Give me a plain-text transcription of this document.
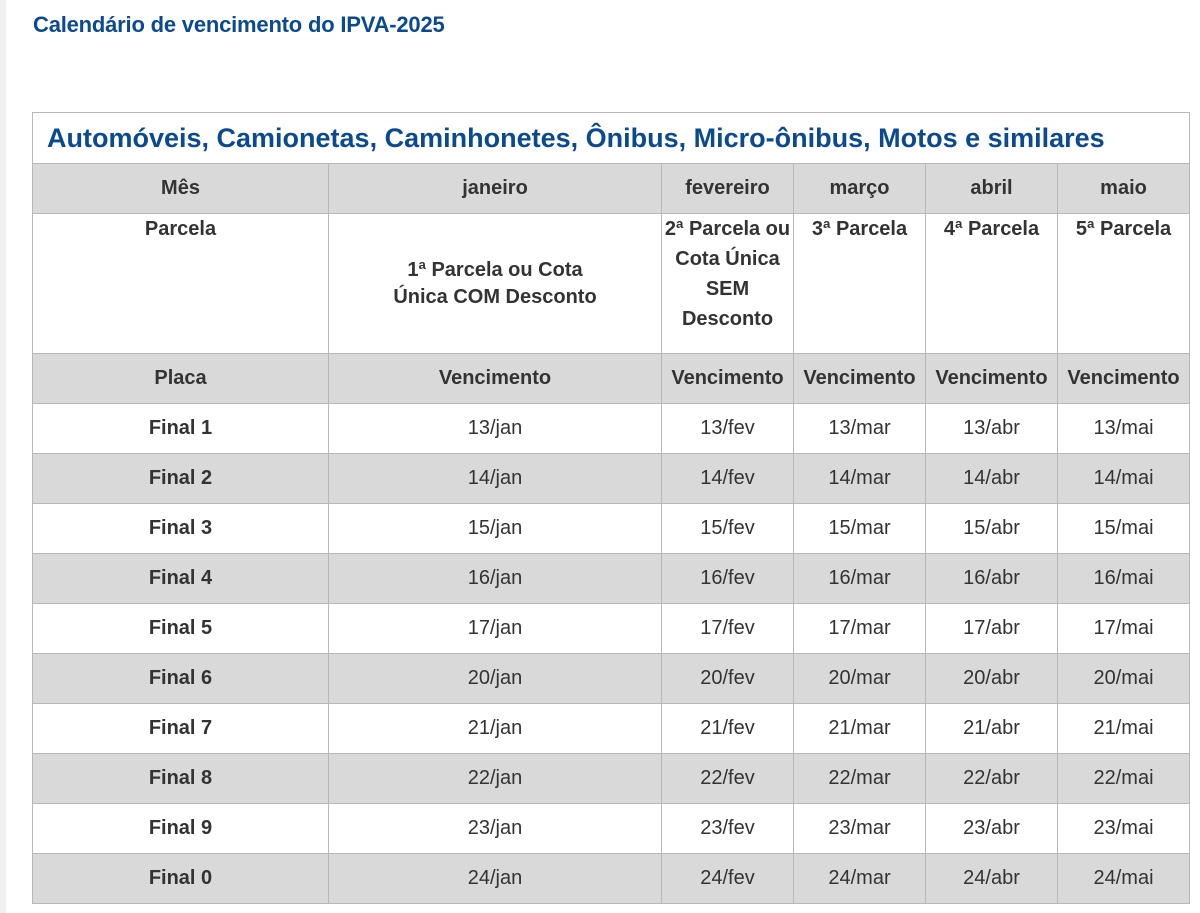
Calendário de vencimento do IPVA-2025
Automóveis, Camionetas, Caminhonetes, Ônibus, Micro-ônibus, Motos e similares					
Mês	janeiro	fevereiro	março	abril	maio
Parcela	1ª Parcela ou Cota Única COM Desconto	2ª Parcela ou Cota Única SEM Desconto	3ª Parcela	4ª Parcela	5ª Parcela
Placa	Vencimento	Vencimento	Vencimento	Vencimento	Vencimento
Final 1	13/jan	13/fev	13/mar	13/abr	13/mai
Final 2	14/jan	14/fev	14/mar	14/abr	14/mai
Final 3	15/jan	15/fev	15/mar	15/abr	15/mai
Final 4	16/jan	16/fev	16/mar	16/abr	16/mai
Final 5	17/jan	17/fev	17/mar	17/abr	17/mai
Final 6	20/jan	20/fev	20/mar	20/abr	20/mai
Final 7	21/jan	21/fev	21/mar	21/abr	21/mai
Final 8	22/jan	22/fev	22/mar	22/abr	22/mai
Final 9	23/jan	23/fev	23/mar	23/abr	23/mai
Final 0	24/jan	24/fev	24/mar	24/abr	24/mai
